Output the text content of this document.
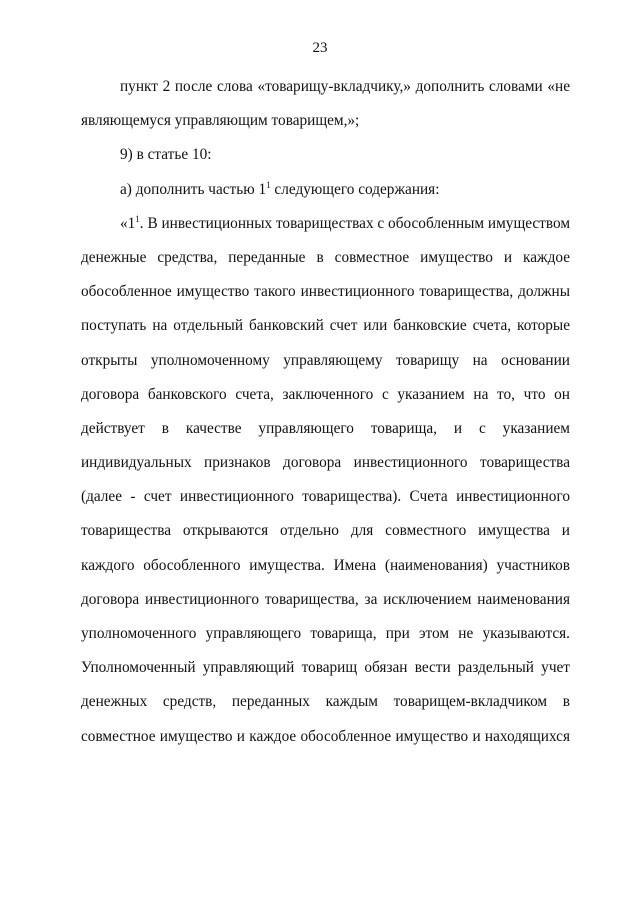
23
пункт 2 после слова «товарищу-вкладчику,» дополнить словами «не
являющемуся управляющим товарищем,»;
9) в статье 10:
а) дополнить частью $1^1$ следующего содержания:
«$1^1$. В инвестиционных товариществах с обособленным имуществом
денежные средства, переданные в совместное имущество и каждое
обособленное имущество такого инвестиционного товарищества, должны
поступать на отдельный банковский счет или банковские счета, которые
открыты уполномоченному управляющему товарищу на основании
договора банковского счета, заключенного с указанием на то, что он
действует в качестве управляющего товарища, и с указанием
индивидуальных признаков договора инвестиционного товарищества
(далее - счет инвестиционного товарищества). Счета инвестиционного
товарищества открываются отдельно для совместного имущества и
каждого обособленного имущества. Имена (наименования) участников
договора инвестиционного товарищества, за исключением наименования
уполномоченного управляющего товарища, при этом не указываются.
Уполномоченный управляющий товарищ обязан вести раздельный учет
денежных средств, переданных каждым товарищем-вкладчиком в
совместное имущество и каждое обособленное имущество и находящихся
